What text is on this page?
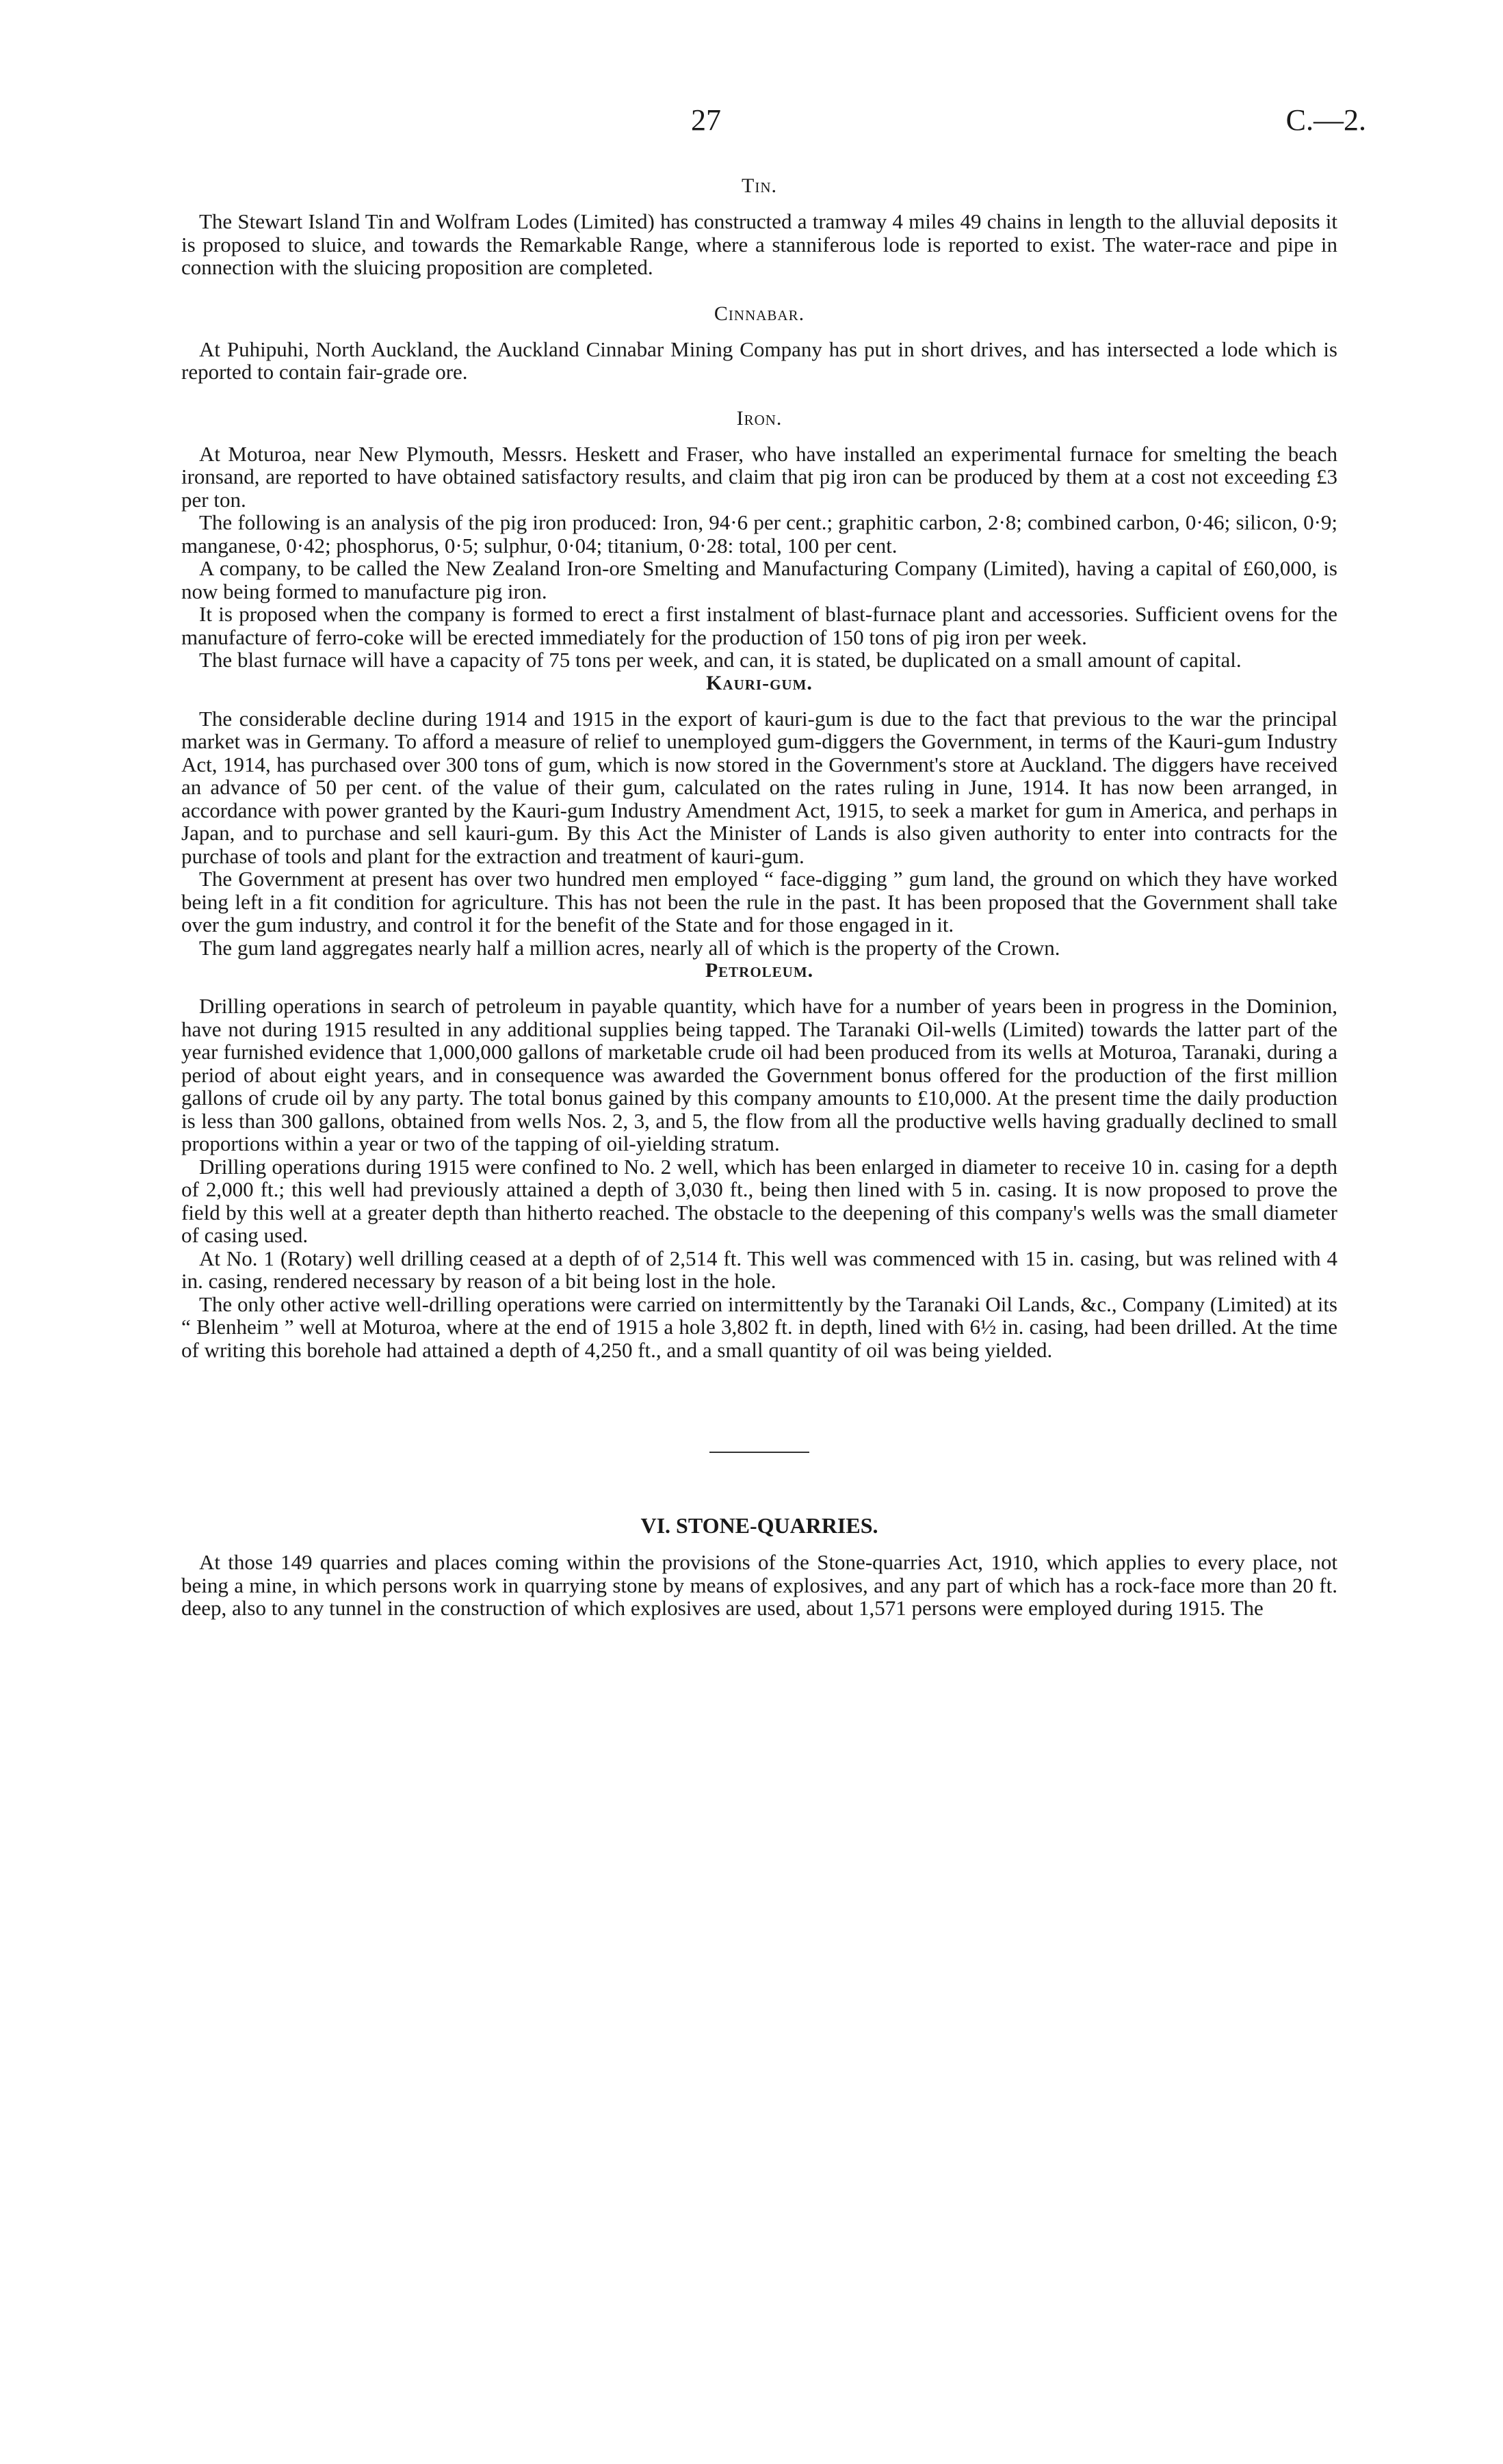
27	C.—2.
Tin.

The Stewart Island Tin and Wolfram Lodes (Limited) has constructed a tramway 4 miles 49 chains in length to the alluvial deposits it is proposed to sluice, and towards the Remarkable Range, where a stanniferous lode is reported to exist. The water-race and pipe in connection with the sluicing proposition are completed.

Cinnabar.

At Puhipuhi, North Auckland, the Auckland Cinnabar Mining Company has put in short drives, and has intersected a lode which is reported to contain fair-grade ore.

Iron.

At Moturoa, near New Plymouth, Messrs. Heskett and Fraser, who have installed an experimental furnace for smelting the beach ironsand, are reported to have obtained satisfactory results, and claim that pig iron can be produced by them at a cost not exceeding £3 per ton.

The following is an analysis of the pig iron produced: Iron, 94·6 per cent.; graphitic carbon, 2·8; combined carbon, 0·46; silicon, 0·9; manganese, 0·42; phosphorus, 0·5; sulphur, 0·04; titanium, 0·28: total, 100 per cent.

A company, to be called the New Zealand Iron-ore Smelting and Manufacturing Company (Limited), having a capital of £60,000, is now being formed to manufacture pig iron.

It is proposed when the company is formed to erect a first instalment of blast-furnace plant and accessories. Sufficient ovens for the manufacture of ferro-coke will be erected immediately for the production of 150 tons of pig iron per week.

The blast furnace will have a capacity of 75 tons per week, and can, it is stated, be duplicated on a small amount of capital.

Kauri-gum.

The considerable decline during 1914 and 1915 in the export of kauri-gum is due to the fact that previous to the war the principal market was in Germany. To afford a measure of relief to unemployed gum-diggers the Government, in terms of the Kauri-gum Industry Act, 1914, has purchased over 300 tons of gum, which is now stored in the Government's store at Auckland. The diggers have received an advance of 50 per cent. of the value of their gum, calculated on the rates ruling in June, 1914. It has now been arranged, in accordance with power granted by the Kauri-gum Industry Amendment Act, 1915, to seek a market for gum in America, and perhaps in Japan, and to purchase and sell kauri-gum. By this Act the Minister of Lands is also given authority to enter into contracts for the purchase of tools and plant for the extraction and treatment of kauri-gum.

The Government at present has over two hundred men employed “ face-digging ” gum land, the ground on which they have worked being left in a fit condition for agriculture. This has not been the rule in the past. It has been proposed that the Government shall take over the gum industry, and control it for the benefit of the State and for those engaged in it.

The gum land aggregates nearly half a million acres, nearly all of which is the property of the Crown.

Petroleum.

Drilling operations in search of petroleum in payable quantity, which have for a number of years been in progress in the Dominion, have not during 1915 resulted in any additional supplies being tapped. The Taranaki Oil-wells (Limited) towards the latter part of the year furnished evidence that 1,000,000 gallons of marketable crude oil had been produced from its wells at Moturoa, Taranaki, during a period of about eight years, and in consequence was awarded the Government bonus offered for the production of the first million gallons of crude oil by any party. The total bonus gained by this company amounts to £10,000. At the present time the daily production is less than 300 gallons, obtained from wells Nos. 2, 3, and 5, the flow from all the productive wells having gradually declined to small proportions within a year or two of the tapping of oil-yielding stratum.

Drilling operations during 1915 were confined to No. 2 well, which has been enlarged in diameter to receive 10 in. casing for a depth of 2,000 ft.; this well had previously attained a depth of 3,030 ft., being then lined with 5 in. casing. It is now proposed to prove the field by this well at a greater depth than hitherto reached. The obstacle to the deepening of this company's wells was the small diameter of casing used.

At No. 1 (Rotary) well drilling ceased at a depth of of 2,514 ft. This well was commenced with 15 in. casing, but was relined with 4 in. casing, rendered necessary by reason of a bit being lost in the hole.

The only other active well-drilling operations were carried on intermittently by the Taranaki Oil Lands, &c., Company (Limited) at its “ Blenheim ” well at Moturoa, where at the end of 1915 a hole 3,802 ft. in depth, lined with 6½ in. casing, had been drilled. At the time of writing this borehole had attained a depth of 4,250 ft., and a small quantity of oil was being yielded.

VI. STONE-QUARRIES.

At those 149 quarries and places coming within the provisions of the Stone-quarries Act, 1910, which applies to every place, not being a mine, in which persons work in quarrying stone by means of explosives, and any part of which has a rock-face more than 20 ft. deep, also to any tunnel in the construction of which explosives are used, about 1,571 persons were employed during 1915. The
